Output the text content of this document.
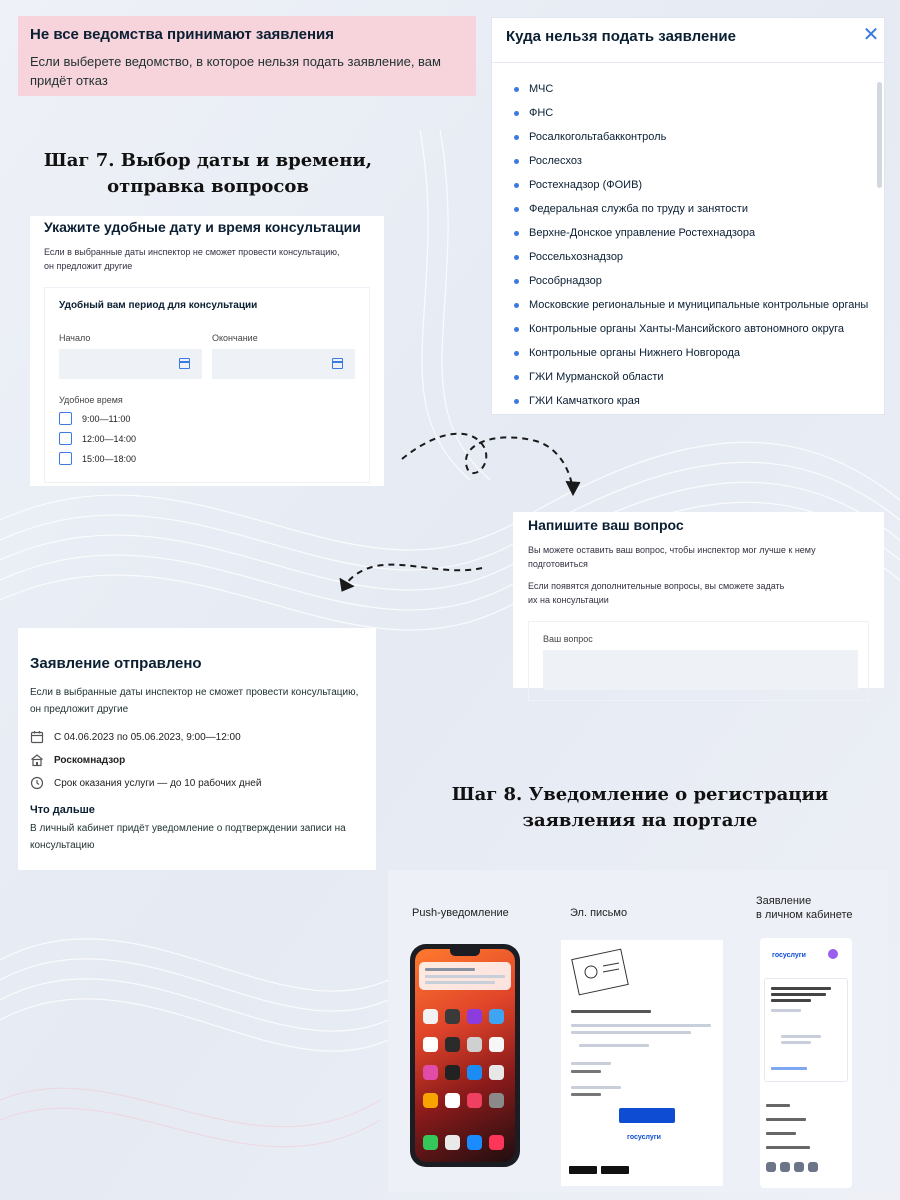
Не все ведомства принимают заявления
Если выберете ведомство, в которое нельзя подать заявление, вам придёт отказ
Шаг 7. Выбор даты и времени,
отправка вопросов
Куда нельзя подать заявление	✕
МЧС
ФНС
Росалкогольтабакконтроль
Рослесхоз
Ростехнадзор (ФОИВ)
Федеральная служба по труду и занятости
Верхне-Донское управление Ростехнадзора
Россельхознадзор
Рособрнадзор
Московские региональные и муниципальные контрольные органы
Контрольные органы Ханты-Мансийского автономного округа
Контрольные органы Нижнего Новгорода
ГЖИ Мурманской области
ГЖИ Камчаткого края
Укажите удобные дату и время консультации
Если в выбранные даты инспектор не сможет провести консультацию,
он предложит другие
Удобный вам период для консультации
Начало	Окончание
Удобное время
9:00—11:00
12:00—14:00
15:00—18:00
Напишите ваш вопрос
Вы можете оставить ваш вопрос, чтобы инспектор мог лучше к нему
подготовиться
Если появятся дополнительные вопросы, вы сможете задать
их на консультации
Ваш вопрос
Заявление отправлено
Если в выбранные даты инспектор не сможет провести консультацию,
он предложит другие
С 04.06.2023 по 05.06.2023, 9:00—12:00
Роскомнадзор
Срок оказания услуги — до 10 рабочих дней
Что дальше
В личный кабинет придёт уведомление о подтверждении записи на
консультацию
Шаг 8. Уведомление о регистрации
заявления на портале
Push-уведомление	Эл. письмо
Заявление
в личном кабинете
госуслуги
госуслуги
